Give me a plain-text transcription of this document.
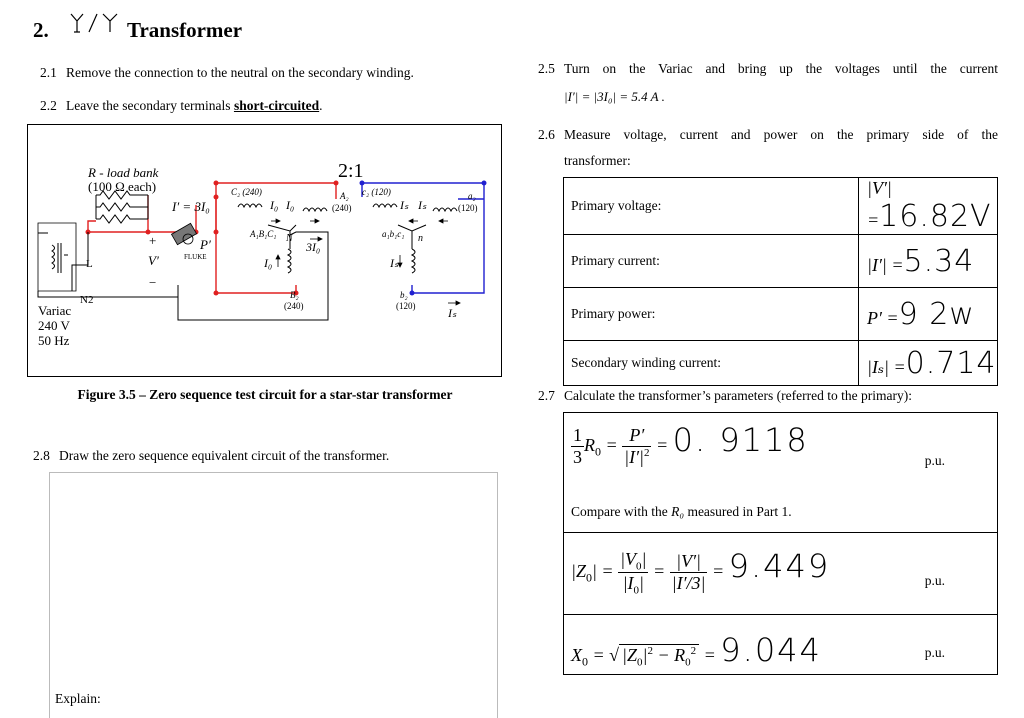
2.	Transformer
2.1 Remove the connection to the neutral on the secondary winding.
2.2 Leave the secondary terminals short-circuited.
R - load bank
(100 Ω each)
I′ = 3I₀
P′
FLUKE
V′
+
−
L
N2
Variac
240 V
50 Hz
2:1
C₂ (240)	A₂
(240)
A₁B₁C₁ N
B₂
(240)
I₀ I₀
I₀
3I₀
c₂ (120)	a₂
(120)
a₁b₁c₁ n
b₂
(120)
Iₛ Iₛ
Iₛ
Iₛ
Figure 3.5 – Zero sequence test circuit for a star-star transformer
2.8 Draw the zero sequence equivalent circuit of the transformer.
Explain:
2.5 Turn on the Variac and bring up the voltages until the current
|I′| = |3I₀| = 5.4 A .
2.6 Measure voltage, current and power on the primary side of the
transformer:
Primary voltage:	|V′| =16.82V
Primary current:	|I′| =5.34
Primary power:	P′ =9 2w
Secondary winding current:	|Iₛ| =0.714
2.7 Calculate the transformer’s parameters (referred to the primary):
$\frac{1}{3} R_0 = \frac{P'}{|I'|^2} = 0$. 9118
p.u.
Compare with the R₀ measured in Part 1.
$|Z_0| = \frac{|V_0|}{|I_0|} = \frac{|V'|}{|I'/3|} = 9.449$	p.u.
$X_0$ = √ $|Z_0|^2 - R_0^2 = 9.044$	p.u.
